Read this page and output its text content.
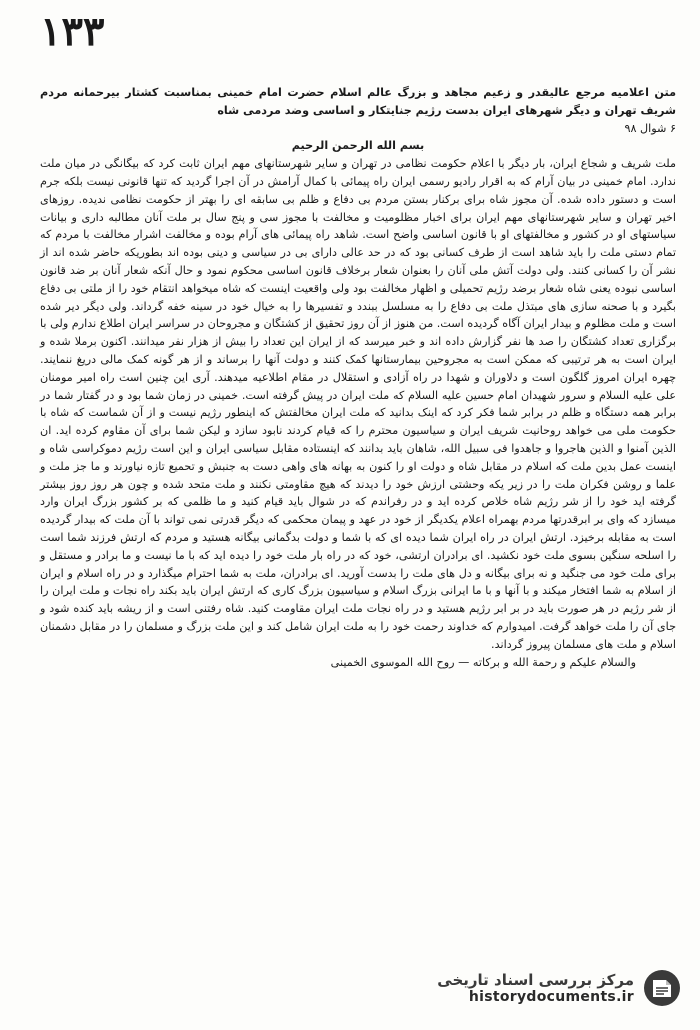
۱۳۳

متن اعلامیه مرجع عالیقدر و زعیم مجاهد و بزرگ عالم اسلام حضرت امام خمینی بمناسبت کشتار بیرحمانه مردم شریف تهران و دیگر شهرهای ایران بدست رژیم جنایتکار و اساسی وضد مردمی شاه

۶ شوال ۹۸

بسم الله الرحمن الرحیم

ملت شریف و شجاع ایران، بار دیگر با اعلام حکومت نظامی در تهران و سایر شهرستانهای مهم ایران ثابت کرد که بیگانگی در میان ملت ندارد. امام خمینی در بیان آرام که به اقرار رادیو رسمی ایران راه پیمائی با کمال آرامش در آن اجرا گردید که تنها قانونی نیست بلکه جرم است و دستور داده شده. آن مجوز شاه برای برکنار بستن مردم بی دفاع و ظلم بی سابقه ای را بهتر از حکومت نظامی ندیده. روزهای اخیر تهران و سایر شهرستانهای مهم ایران برای اخبار مظلومیت و مخالفت با مجوز سی و پنج سال بر ملت آنان مطالبه داری و بیانات سیاستهای او در کشور و مخالفتهای او با قانون اساسی واضح است. شاهد راه پیمائی های آرام بوده و مخالفت اشرار مخالفت با مردم که تمام دستی ملت را باید شاهد است از طرف کسانی بود که در حد عالی دارای بی در سیاسی و دینی بوده اند بطوریکه حاضر شده اند از نشر آن را کسانی کنند. ولی دولت آتش ملی آنان را بعنوان شعار برخلاف قانون اساسی محکوم نمود و حال آنکه شعار آنان بر ضد قانون اساسی نبوده یعنی شاه شعار برضد رژیم تحمیلی و اظهار مخالفت بود ولی واقعیت اینست که شاه میخواهد انتقام خود را از ملتی بی دفاع بگیرد و با صحنه سازی های مبتذل ملت بی دفاع را به مسلسل ببندد و تفسیرها را به خیال خود در سینه خفه گرداند. ولی دیگر دیر شده است و ملت مظلوم و بیدار ایران آگاه گردیده است. من هنوز از آن روز تحقیق از کشتگان و مجروحان در سراسر ایران اطلاع ندارم ولی با برگزاری تعداد کشتگان را صد ها نفر گزارش داده اند و خبر میرسد که از ایران این تعداد را بیش از هزار نفر میدانند. اکنون برملا شده و ایران است به هر ترتیبی که ممکن است به مجروحین بیمارستانها کمک کنند و دولت آنها را برساند و از هر گونه کمک مالی دریغ ننمایند. چهره ایران امروز گلگون است و دلاوران و شهدا در راه آزادی و استقلال در مقام اطلاعیه میدهند. آری این چنین است راه امیر مومنان علی علیه السلام و سرور شهیدان امام حسین علیه السلام که ملت ایران در پیش گرفته است. خمینی در زمان شما بود و در گفتار شما در برابر همه دستگاه و ظلم در برابر شما فکر کرد که اینک بدانید که ملت ایران مخالفتش که اینطور رژیم نیست و از آن شماست که شاه با حکومت ملی می خواهد روحانیت شریف ایران و سیاسیون محترم را که قیام کردند نابود سازد و لیکن شما برای آن مقاوم کرده اید. ان الذین آمنوا و الذین هاجروا و جاهدوا فی سبیل الله، شاهان باید بدانند که اینستاده مقابل سیاسی ایران و این است رژیم دموکراسی شاه و اینست عمل بدین ملت که اسلام در مقابل شاه و دولت او را کنون به بهانه های واهی دست به جنبش و تحمیع تازه نیاورند و ما جز ملت و علما و روشن فکران ملت را در زیر یکه وحشتی ارزش خود را دیدند که هیچ مقاومتی نکنند و ملت متحد شده و چون هر روز روز بیشتر گرفته اید خود را از شر رژیم شاه خلاص کرده اید و در رفراندم که در شوال باید قیام کنید و ما ظلمی که بر کشور بزرگ ایران وارد میسازد که وای بر ابرقدرتها مردم بهمراه اعلام یکدیگر از خود در عهد و پیمان محکمی که دیگر قدرتی نمی تواند با آن ملت که بیدار گردیده است به مقابله برخیزد. ارتش ایران در راه ایران شما دیده ای که با شما و دولت بدگمانی بیگانه هستید و مردم که ارتش فرزند شما است را اسلحه سنگین بسوی ملت خود نکشید. ای برادران ارتشی، خود که در راه بار ملت خود را دیده اید که با ما نیست و ما برادر و مستقل و برای ملت خود می جنگید و نه برای بیگانه و دل های ملت را بدست آورید. ای برادران، ملت به شما احترام میگذارد و در راه اسلام و ایران از اسلام به شما افتخار میکند و با آنها و با ما ایرانی بزرگ اسلام و سیاسیون بزرگ کاری که ارتش ایران باید بکند راه نجات و ملت ایران را از شر رژیم در هر صورت باید در بر ابر رژیم هستید و در راه نجات ملت ایران مقاومت کنید. شاه رفتنی است و از ریشه باید کنده شود و جای آن را ملت خواهد گرفت. امیدوارم که خداوند رحمت خود را به ملت ایران شامل کند و این ملت بزرگ و مسلمان را در مقابل دشمنان اسلام و ملت های مسلمان پیروز گرداند.

والسلام علیکم و رحمة الله و برکاته — روح الله الموسوی الخمینی

مرکز بررسی اسناد تاریخی
historydocuments.ir
